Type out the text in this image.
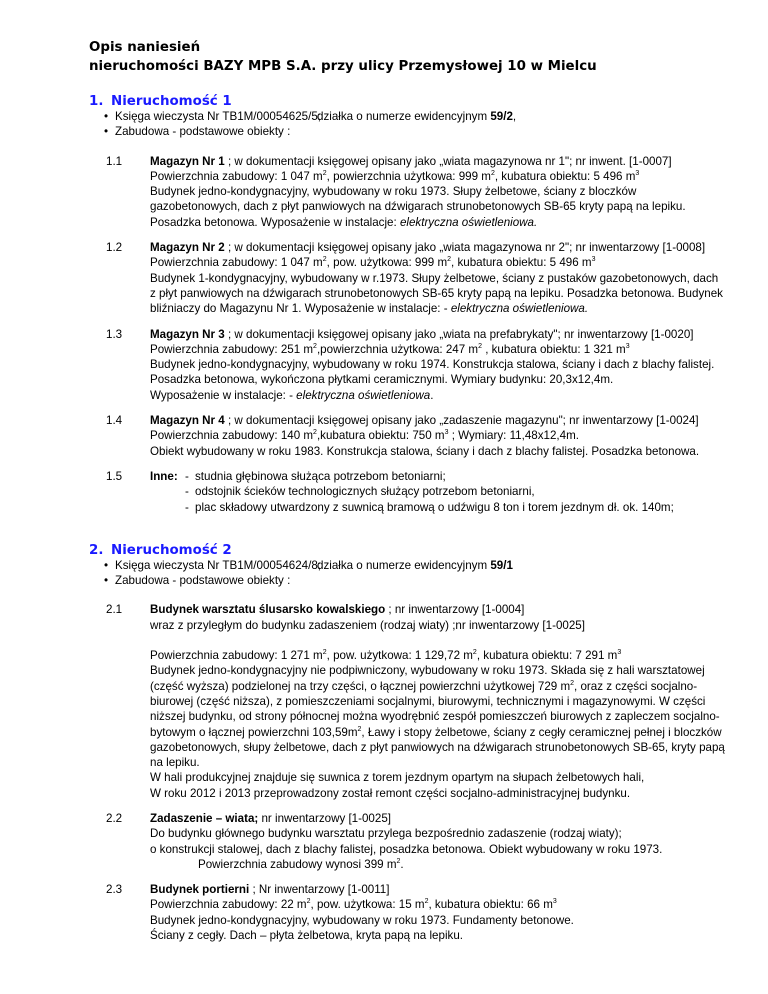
Opis naniesień
nieruchomości BAZY MPB S.A. przy ulicy Przemysłowej 10 w Mielcu
1. Nieruchomość 1
• Księga wieczysta Nr TB1M/00054625/5;
działka o numerze ewidencyjnym 59/2,
• Zabudowa - podstawowe obiekty :
1.1 Magazyn Nr 1 ; w dokumentacji księgowej opisany jako „wiata magazynowa nr 1"; nr inwent. [1-0007]
Powierzchnia zabudowy: 1 047 $m^2$, powierzchnia użytkowa: 999 $m^2$, kubatura obiektu: 5 496 $m^3$
Budynek jedno-kondygnacyjny, wybudowany w roku 1973. Słupy żelbetowe, ściany z bloczków
gazobetonowych, dach z płyt panwiowych na dźwigarach strunobetonowych SB-65 kryty papą na lepiku.
Posadzka betonowa. Wyposażenie w instalacje: elektryczna oświetleniowa.
1.2 Magazyn Nr 2 ; w dokumentacji księgowej opisany jako „wiata magazynowa nr 2"; nr inwentarzowy [1-0008]
Powierzchnia zabudowy: 1 047 $m^2$, pow. użytkowa: 999 $m^2$, kubatura obiektu: 5 496 $m^3$
Budynek 1-kondygnacyjny, wybudowany w r.1973. Słupy żelbetowe, ściany z pustaków gazobetonowych, dach
z płyt panwiowych na dźwigarach strunobetonowych SB-65 kryty papą na lepiku. Posadzka betonowa. Budynek
bliźniaczy do Magazynu Nr 1. Wyposażenie w instalacje: - elektryczna oświetleniowa.
1.3 Magazyn Nr 3 ; w dokumentacji księgowej opisany jako „wiata na prefabrykaty"; nr inwentarzowy [1-0020]
Powierzchnia zabudowy: 251 $m^2,powierzchnia$ użytkowa: 247 $m^2$ , kubatura obiektu: 1 321 $m^3$
Budynek jedno-kondygnacyjny, wybudowany w roku 1974. Konstrukcja stalowa, ściany i dach z blachy falistej.
Posadzka betonowa, wykończona płytkami ceramicznymi. Wymiary budynku: 20,3x12,4m.
Wyposażenie w instalacje: - elektryczna oświetleniowa.
1.4 Magazyn Nr 4 ; w dokumentacji księgowej opisany jako „zadaszenie magazynu"; nr inwentarzowy [1-0024]
Powierzchnia zabudowy: 140 $m^2,kubatura$ obiektu: 750 $m^3$ ; Wymiary: 11,48x12,4m.
Obiekt wybudowany w roku 1983. Konstrukcja stalowa, ściany i dach z blachy falistej. Posadzka betonowa.
1.5 Inne: - studnia głębinowa służąca potrzebom betoniarni;
- odstojnik ścieków technologicznych służący potrzebom betoniarni,
- plac składowy utwardzony z suwnicą bramową o udźwigu 8 ton i torem jezdnym dł. ok. 140m;
2. Nieruchomość 2
• Księga wieczysta Nr TB1M/00054624/8;
działka o numerze ewidencyjnym 59/1
• Zabudowa - podstawowe obiekty :
2.1 Budynek warsztatu ślusarsko kowalskiego ; nr inwentarzowy [1-0004]
wraz z przyległym do budynku zadaszeniem (rodzaj wiaty) ;nr inwentarzowy [1-0025]
Powierzchnia zabudowy: 1 271 $m^2$, pow. użytkowa: 1 129,72 $m^2$, kubatura obiektu: 7 291 $m^3$
Budynek jedno-kondygnacyjny nie podpiwniczony, wybudowany w roku 1973. Składa się z hali warsztatowej
(część wyższa) podzielonej na trzy części, o łącznej powierzchni użytkowej 729 $m^2$, oraz z części socjalno-
biurowej (część niższa), z pomieszczeniami socjalnymi, biurowymi, technicznymi i magazynowymi. W części
niższej budynku, od strony północnej można wyodrębnić zespół pomieszczeń biurowych z zapleczem socjalno-
bytowym o łącznej powierzchni $103,59m^2$, Ławy i stopy żelbetowe, ściany z cegły ceramicznej pełnej i bloczków
gazobetonowych, słupy żelbetowe, dach z płyt panwiowych na dźwigarach strunobetonowych SB-65, kryty papą
na lepiku.
W hali produkcyjnej znajduje się suwnica z torem jezdnym opartym na słupach żelbetowych hali,
W roku 2012 i 2013 przeprowadzony został remont części socjalno-administracyjnej budynku.
2.2 Zadaszenie – wiata; nr inwentarzowy [1-0025]
Do budynku głównego budynku warsztatu przylega bezpośrednio zadaszenie (rodzaj wiaty);
o konstrukcji stalowej, dach z blachy falistej, posadzka betonowa. Obiekt wybudowany w roku 1973.
Powierzchnia zabudowy wynosi 399 $m^2$.
2.3 Budynek portierni ; Nr inwentarzowy [1-0011]
Powierzchnia zabudowy: 22 $m^2$, pow. użytkowa: 15 $m^2$, kubatura obiektu: 66 $m^3$
Budynek jedno-kondygnacyjny, wybudowany w roku 1973. Fundamenty betonowe.
Ściany z cegły. Dach – płyta żelbetowa, kryta papą na lepiku.
